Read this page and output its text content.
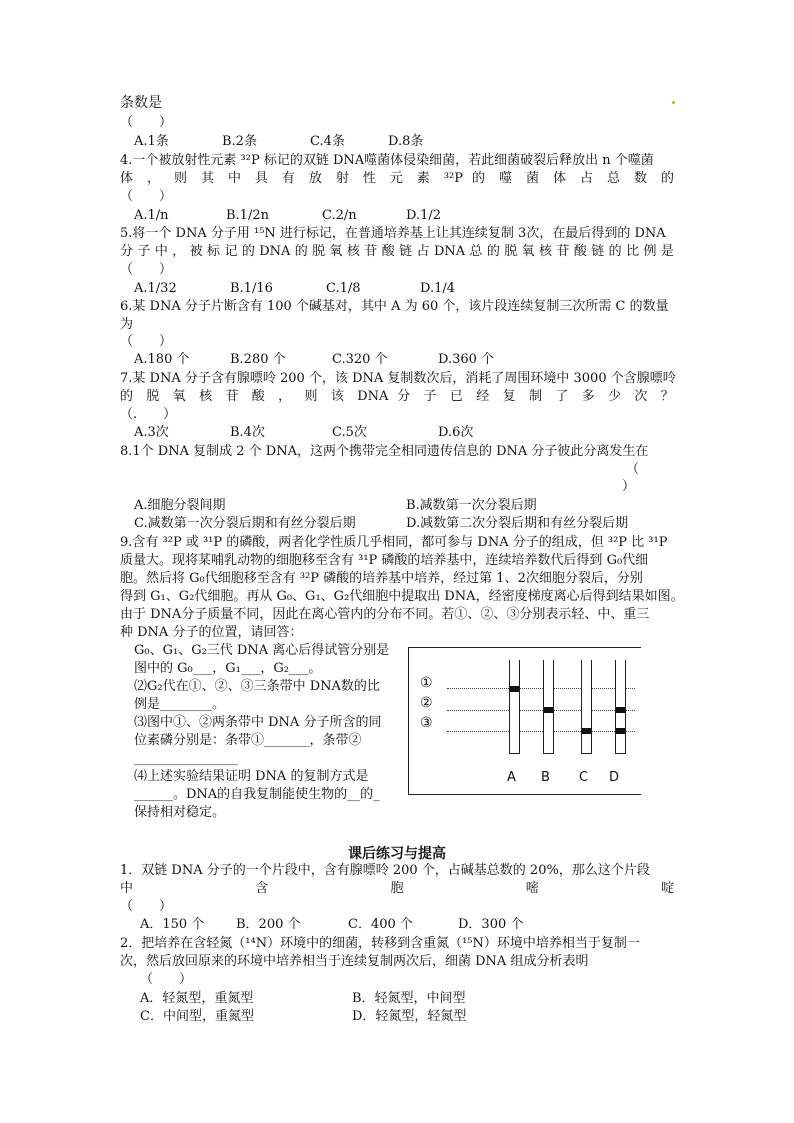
条数是
（　　）
A.1条	B.2条	C.4条	D.8条
4.一个被放射性元素 ³²P 标记的双链 DNA噬菌体侵染细菌，若此细菌破裂后释放出 n 个噬菌
体 ， 则 其 中 具 有 放 射 性 元 素 ³²P 的 噬 菌 体 占 总 数 的
（　　）
A.1/n	B.1/2n	C.2/n	D.1/2
5.将一个 DNA 分子用 ¹⁵N 进行标记，在普通培养基上让其连续复制 3次，在最后得到的 DNA
分 子 中 ， 被 标 记 的 DNA 的 脱 氧 核 苷 酸 链 占 DNA 总 的 脱 氧 核 苷 酸 链 的 比 例 是
（　　）
A.1/32	B.1/16	C.1/8	D.1/4
6.某 DNA 分子片断含有 100 个碱基对，其中 A 为 60 个，该片段连续复制三次所需 C 的数量
为
（　　）
A.180 个	B.280 个	C.320 个	D.360 个
7.某 DNA 分子含有腺嘌呤 200 个，该 DNA 复制数次后，消耗了周围环境中 3000 个含腺嘌呤
的 脱 氧 核 苷 酸 ， 则 该 DNA 分 子 已 经 复 制 了 多 少 次 ？
（.　　）
A.3次	B.4次	C.5次	D.6次
8.1个 DNA 复制成 2 个 DNA，这两个携带完全相同遗传信息的 DNA 分子彼此分离发生在
（
）
A.细胞分裂间期	B.减数第一次分裂后期
C.减数第一次分裂后期和有丝分裂后期	D.减数第二次分裂后期和有丝分裂后期
9.含有 ³²P 或 ³¹P 的磷酸，两者化学性质几乎相同，都可参与 DNA 分子的组成，但 ³²P 比 ³¹P
质量大。现将某哺乳动物的细胞移至含有 ³¹P 磷酸的培养基中，连续培养数代后得到 G₀代细
胞。然后将 G₀代细胞移至含有 ³²P 磷酸的培养基中培养，经过第 1、2次细胞分裂后，分别
得到 G₁、G₂代细胞。再从 G₀、G₁、G₂代细胞中提取出 DNA，经密度梯度离心后得到结果如图。
由于 DNA分子质量不同，因此在离心管内的分布不同。若①、②、③分别表示轻、中、重三
种 DNA 分子的位置，请回答：
G₀、G₁、G₂三代 DNA 离心后得试管分别是
图中的 G₀___，G₁___，G₂___。
⑵G₂代在①、②、③三条带中 DNA数的比
例是________。
⑶图中①、②两条带中 DNA 分子所含的同
位素磷分别是：条带①_______，条带②
________________
⑷上述实验结果证明 DNA 的复制方式是
______。DNA的自我复制能使生物的__的_
保持相对稳定。
①
②
③
A B C D
课后练习与提高
1．双链 DNA 分子的一个片段中，含有腺嘌呤 200 个，占碱基总数的 20%，那么这个片段
中	含	胞	嘧	啶
（　　）
A．150 个 B．200 个	C．400 个	D．300 个
2．把培养在含轻氮（¹⁴N）环境中的细菌，转移到含重氮（¹⁵N）环境中培养相当于复制一
次，然后放回原来的环境中培养相当于连续复制两次后，细菌 DNA 组成分析表明
（　　）
A．轻氮型，重氮型	B．轻氮型，中间型
C．中间型，重氮型	D．轻氮型，轻氮型
